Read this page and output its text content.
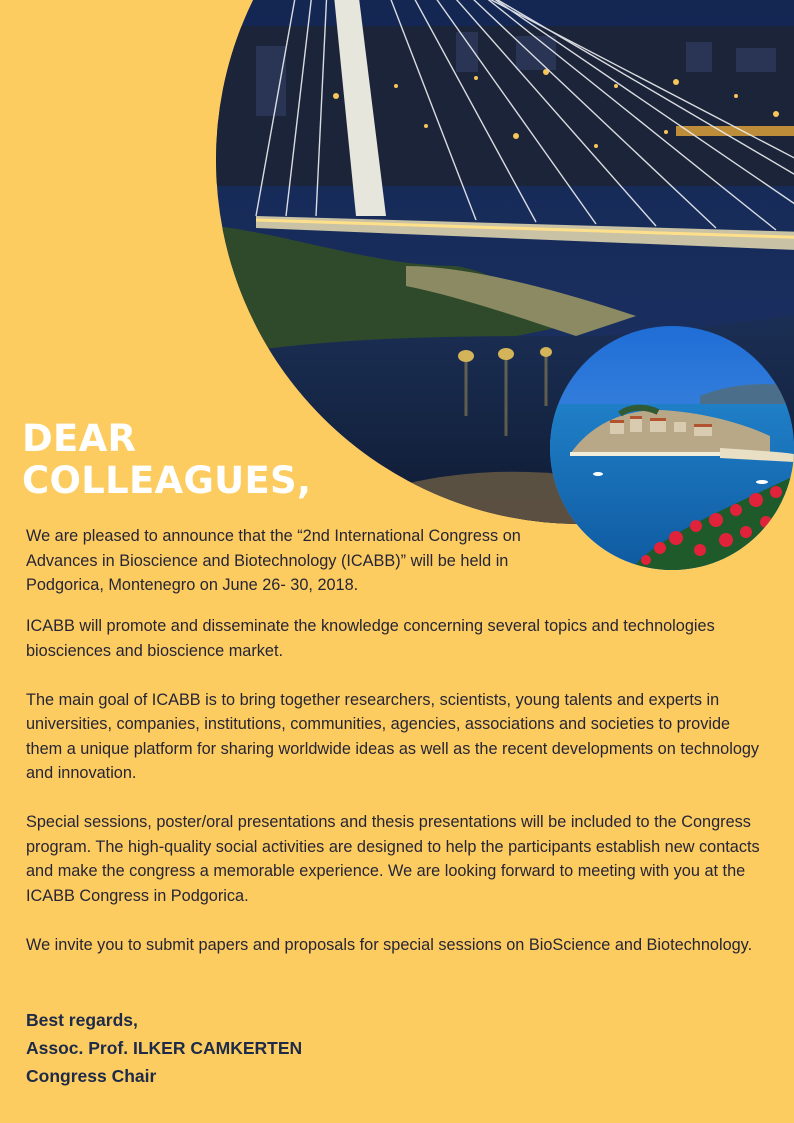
DEAR
COLLEAGUES,

We are pleased to announce that the “2nd International Congress on Advances in Bioscience and Biotechnology (ICABB)” will be held in Podgorica, Montenegro on June 26- 30, 2018.

ICABB will promote and disseminate the knowledge concerning several topics and technologies biosciences and bioscience market.

The main goal of ICABB is to bring together researchers, scientists, young talents and experts in universities, companies, institutions, communities, agencies, associations and societies to provide them a unique platform for sharing worldwide ideas as well as the recent developments on technology and innovation.

Special sessions, poster/oral presentations and thesis presentations will be included to the Congress program. The high-quality social activities are designed to help the participants establish new contacts and make the congress a memorable experience. We are looking forward to meeting with you at the ICABB Congress in Podgorica.

We invite you to submit papers and proposals for special sessions on BioScience and Biotechnology.

Best regards,
Assoc. Prof. ILKER CAMKERTEN
Congress Chair
